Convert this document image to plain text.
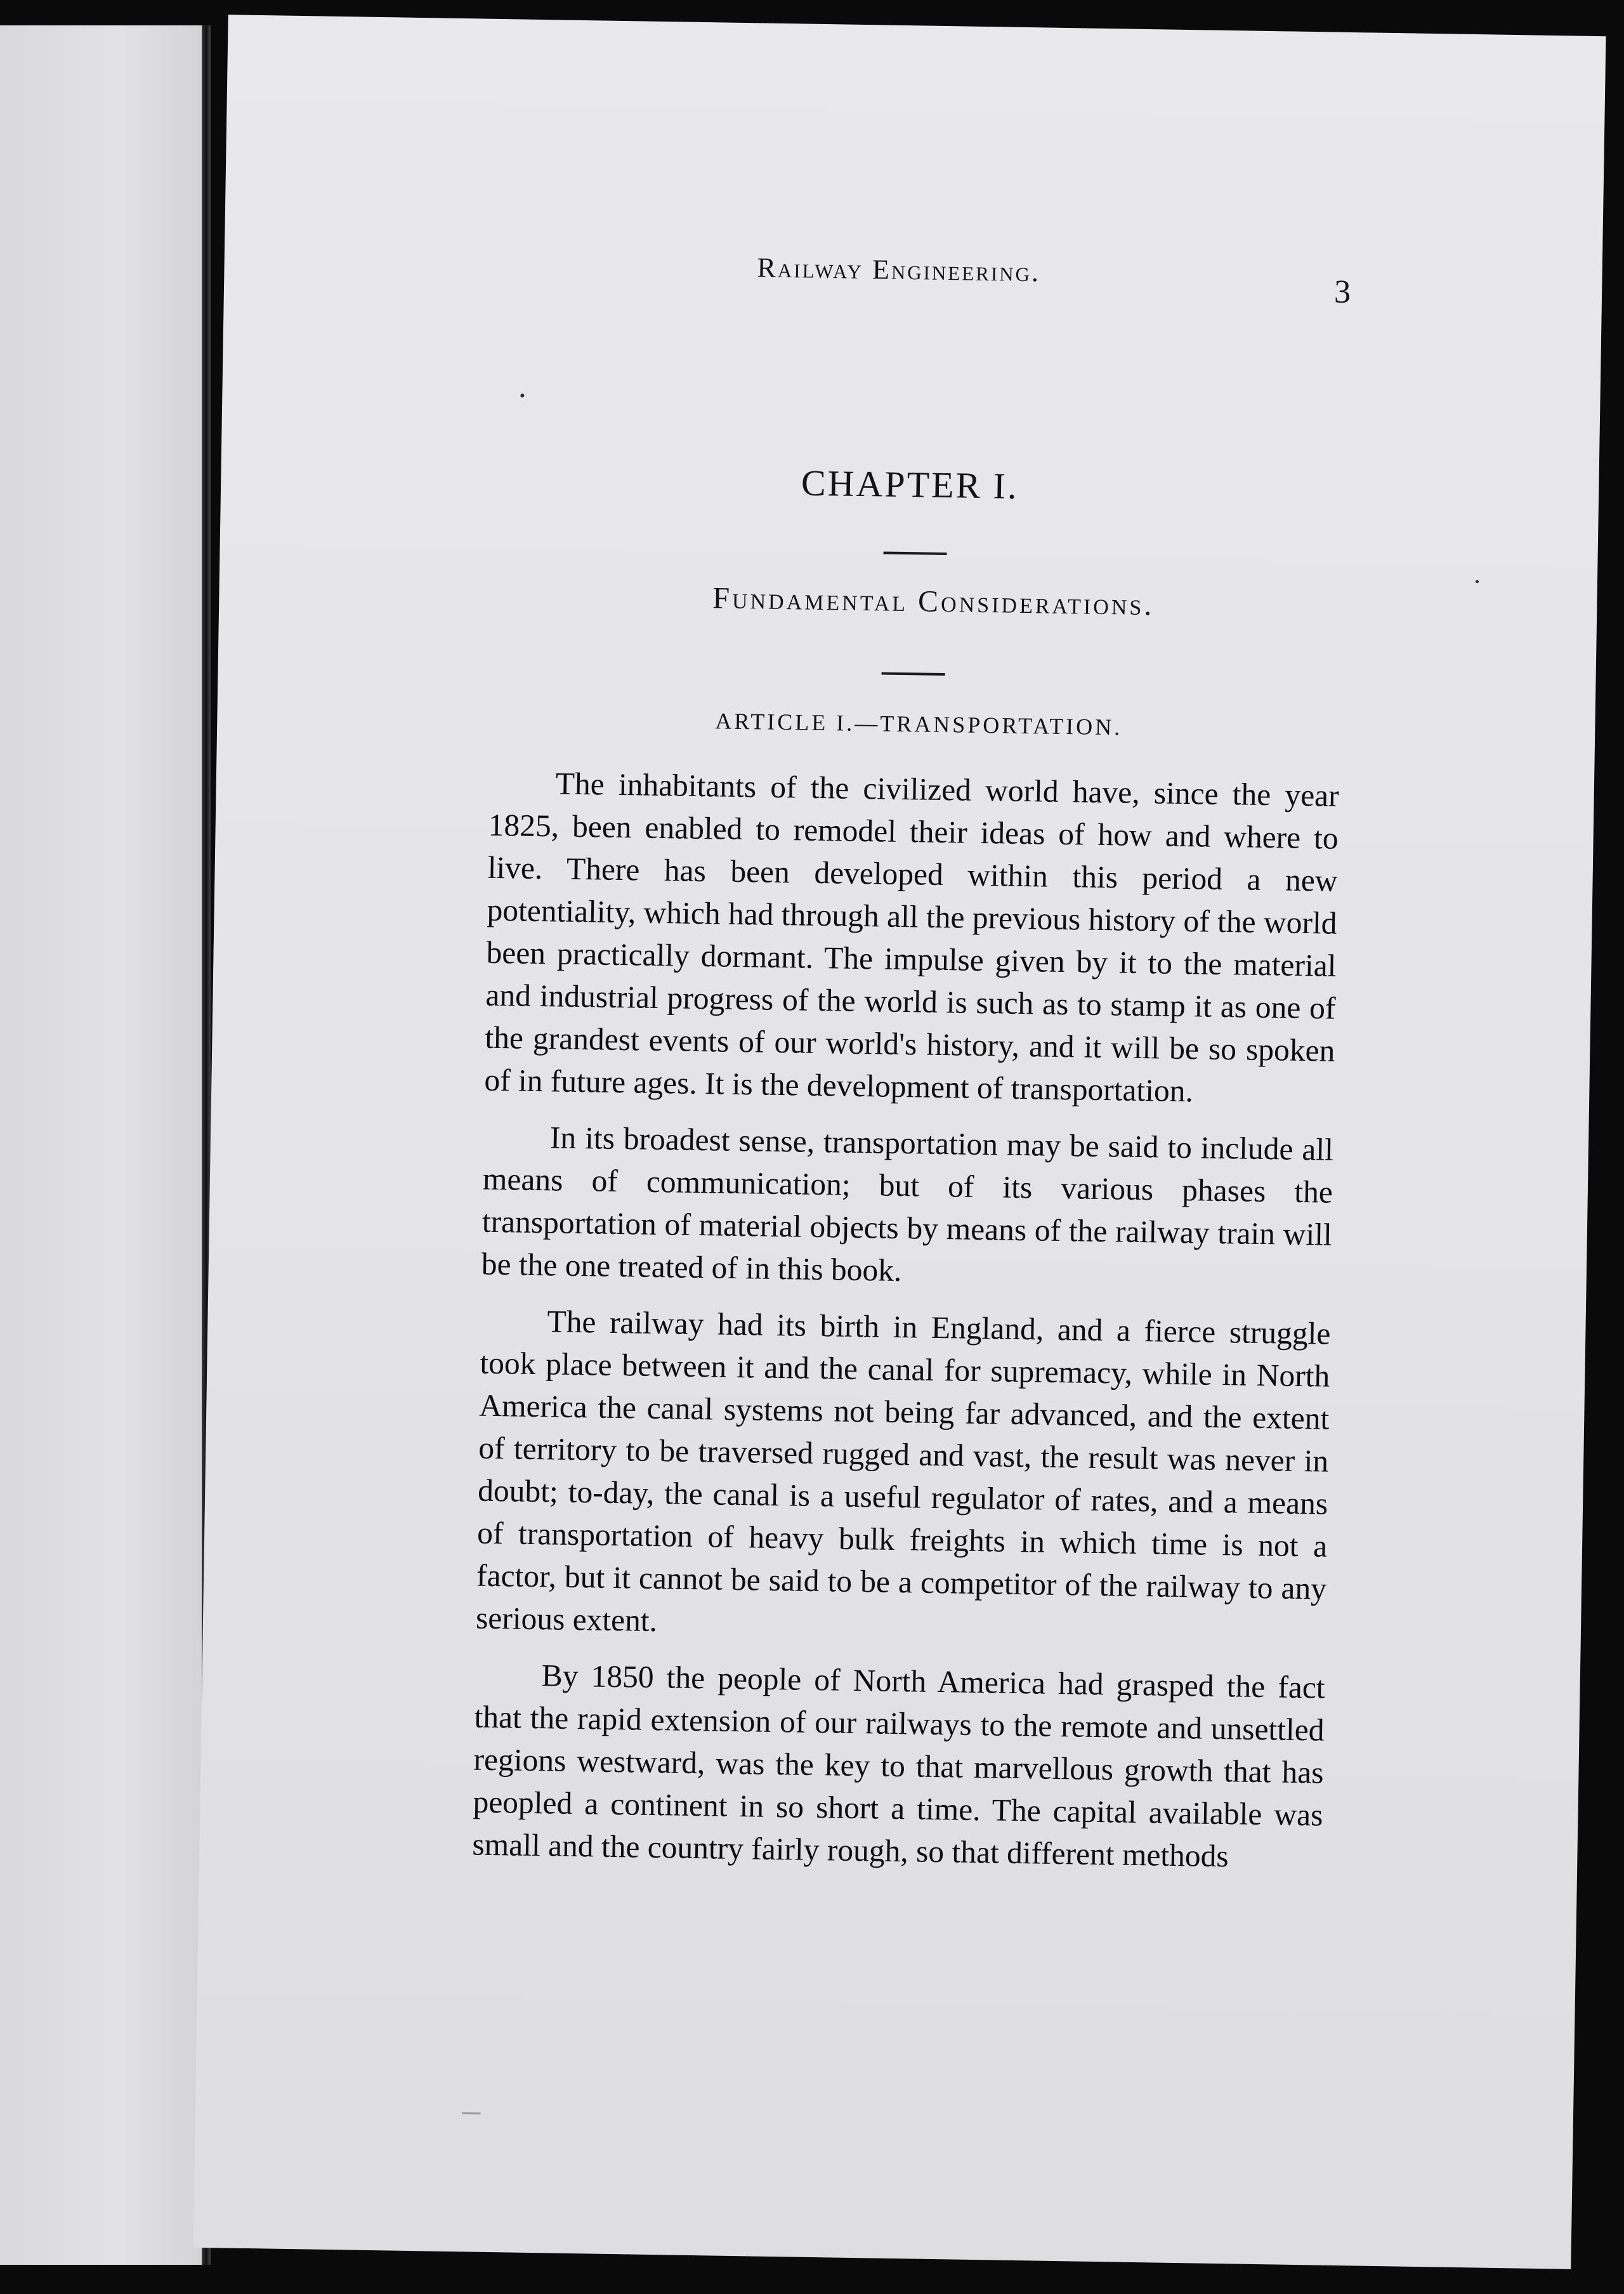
Railway Engineering.
3
CHAPTER I.
Fundamental Considerations.
ARTICLE I.—TRANSPORTATION.

The inhabitants of the civilized world have, since the year 1825, been enabled to remodel their ideas of how and where to live. There has been developed within this period a new potentiality, which had through all the previous history of the world been practically dormant. The impulse given by it to the material and industrial progress of the world is such as to stamp it as one of the grandest events of our world's history, and it will be so spoken of in future ages. It is the development of transportation.

In its broadest sense, transportation may be said to include all means of communication; but of its various phases the transportation of material objects by means of the railway train will be the one treated of in this book.

The railway had its birth in England, and a fierce struggle took place between it and the canal for supremacy, while in North America the canal systems not being far advanced, and the extent of territory to be traversed rugged and vast, the result was never in doubt; to-day, the canal is a useful regulator of rates, and a means of transportation of heavy bulk freights in which time is not a factor, but it cannot be said to be a competitor of the railway to any serious extent.

By 1850 the people of North America had grasped the fact that the rapid extension of our railways to the remote and unsettled regions westward, was the key to that marvellous growth that has peopled a continent in so short a time. The capital available was small and the country fairly rough, so that different methods
